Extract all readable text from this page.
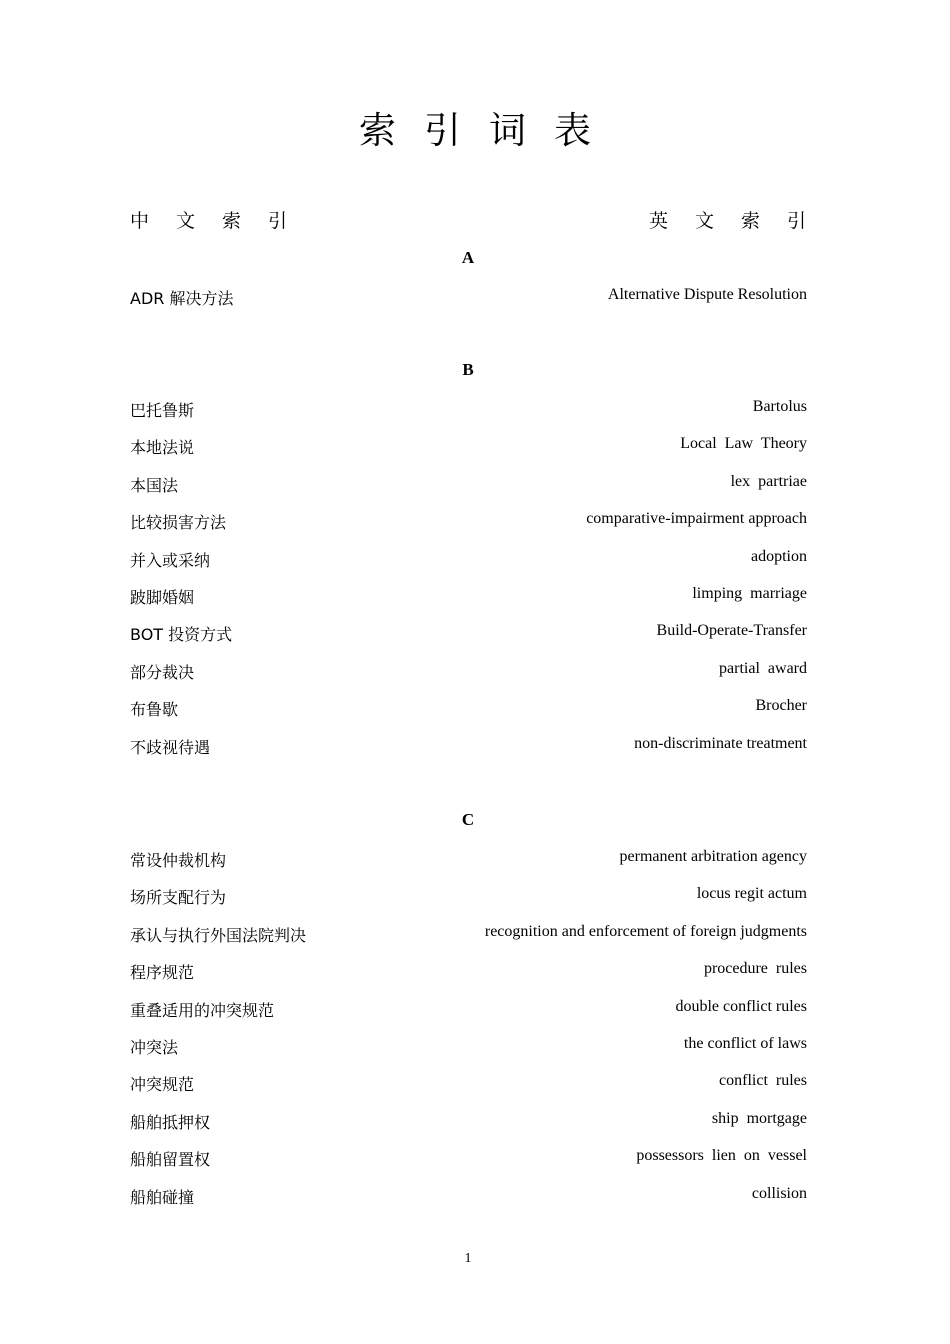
索 引 词 表
中 文 索 引	英 文 索 引
A
ADR 解决方法	Alternative Dispute Resolution
B
巴托鲁斯	Bartolus
本地法说	Local  Law  Theory
本国法	lex  partriae
比较损害方法	comparative-impairment approach
并入或采纳	adoption
跛脚婚姻	limping  marriage
BOT 投资方式	Build-Operate-Transfer
部分裁决	partial  award
布鲁歇	Brocher
不歧视待遇	non-discriminate treatment
C
常设仲裁机构	permanent arbitration agency
场所支配行为	locus regit actum
承认与执行外国法院判决	recognition and enforcement of foreign judgments
程序规范	procedure  rules
重叠适用的冲突规范	double conflict rules
冲突法	the conflict of laws
冲突规范	conflict  rules
船舶抵押权	ship  mortgage
船舶留置权	possessors  lien  on  vessel
船舶碰撞	collision
1
